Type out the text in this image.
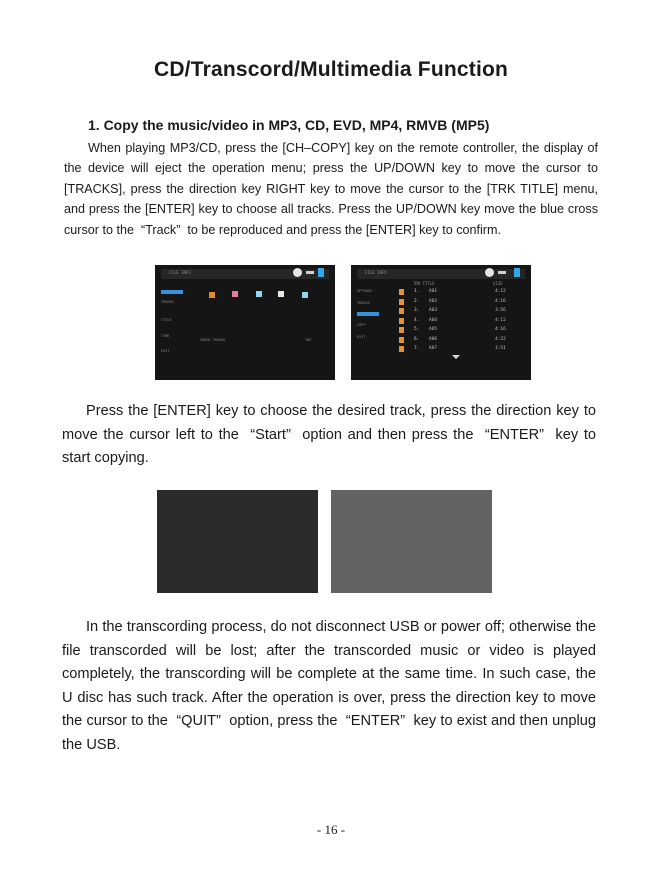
CD/Transcord/Multimedia Function
1. Copy the music/video in MP3, CD, EVD, MP4, RMVB (MP5)

When playing MP3/CD, press the [CH–COPY] key on the remote controller, the display of the device will eject the operation menu; press the UP/DOWN key to move the cursor to [TRACKS], press the direction key RIGHT key to move the cursor to the [TRK TITLE] menu, and press the [ENTER] key to choose all tracks. Press the UP/DOWN key move the blue cross cursor to the  “Track”  to be reproduced and press the [ENTER] key to confirm.

FILE INFO
TRACKS
TITLE
TIME
EXIT
CHECK TRACKS	TOP
FILE INFO
TRK TITLE	SIZE
OPTIONS
TRACKS
COPY
EXIT
1. A01	4:12
2. A02	4:16
3. A03	3:56
4. A04	4:12
5. A05	4:16
6. A06	4:22
7. A07	3:51

Press the [ENTER] key to choose the desired track, press the direction key to move the cursor left to the  “Start”  option and then press the  “ENTER”  key to start copying.

In the transcording process, do not disconnect USB or power off; otherwise the file transcorded will be lost; after the transcorded music or video is played completely, the transcording will be complete at the same time. In such case, the U disc has such track. After the operation is over, press the direction key to move the cursor to the  “QUIT”  option, press the  “ENTER”  key to exist and then unplug the USB.

- 16 -
